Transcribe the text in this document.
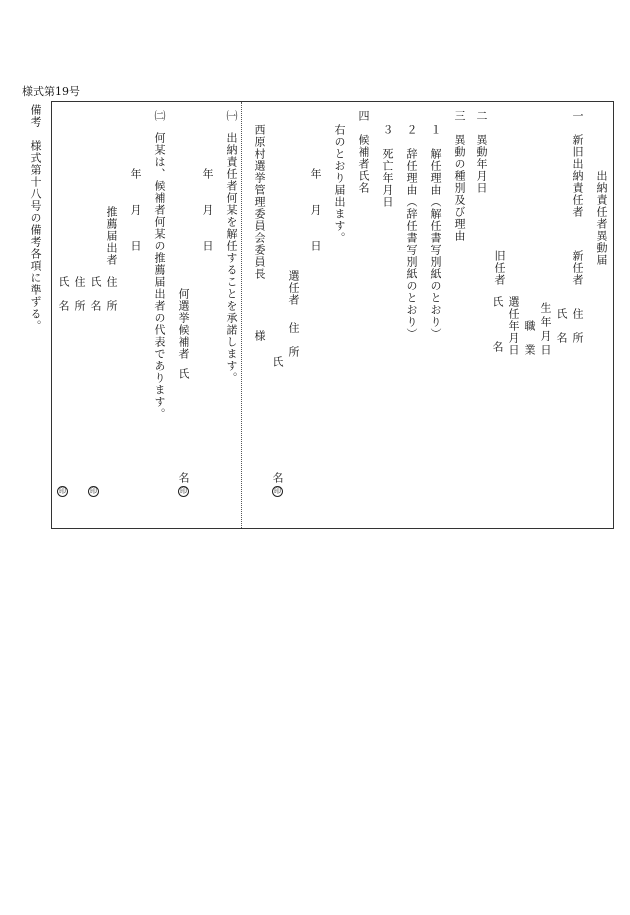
様式第19号
出納責任者異動届
一　新旧出納責任者
新任者
住　所
氏　名
生年月日
職　業
旧任者
選任年月日
氏　　名
二　異動年月日
三　異動の種別及び理由
１　解任理由（解任書写別紙のとおり）
２　辞任理由（辞任書写別紙のとおり）
３　死亡年月日
四　候補者氏名
右のとおり届出ます。
年　　月　　日
選任者
住　所
氏
名
印
西原村選挙管理委員会委員長
様
㈠
出納責任者何某を解任することを承諾します。
年　　月　　日
何選挙候補者
氏
名
印
㈡
何某は、候補者何某の推薦届出者の代表であります。
年　　月　　日
推薦届出者
住　所
氏　名
住　所
氏　名
印
印
備考　様式第十八号の備考各項に準ずる。
